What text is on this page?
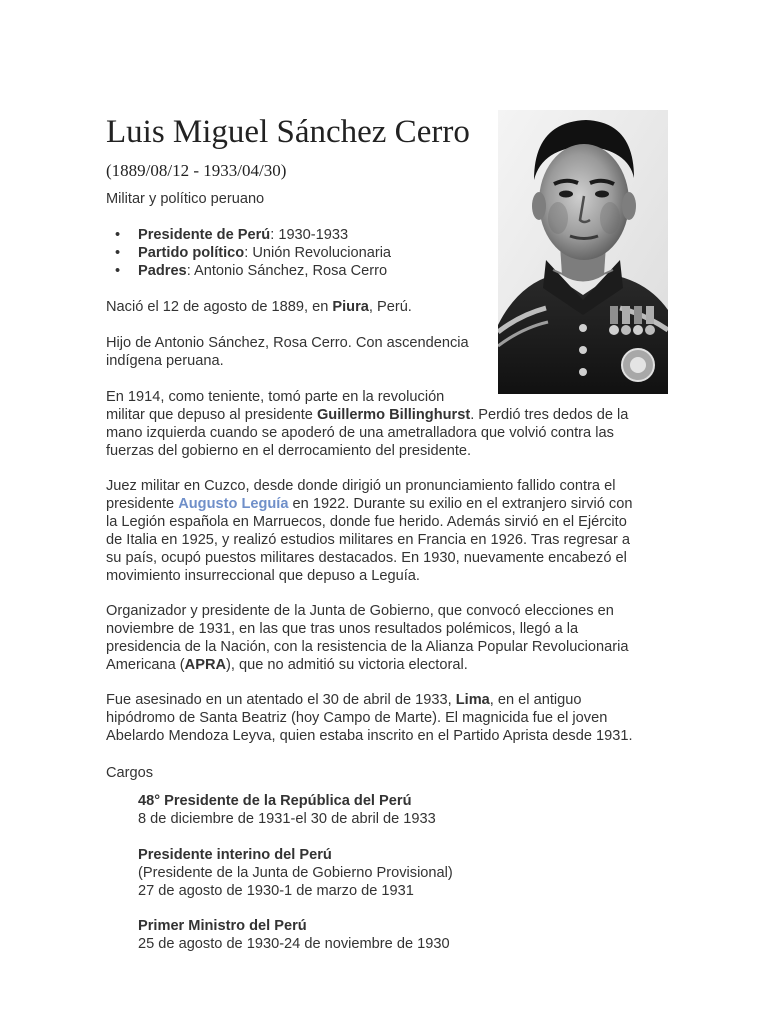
Luis Miguel Sánchez Cerro
(1889/08/12 - 1933/04/30)
Militar y político peruano
• Presidente de Perú: 1930-1933
• Partido político: Unión Revolucionaria
• Padres: Antonio Sánchez, Rosa Cerro

Nació el 12 de agosto de 1889, en Piura, Perú.

Hijo de Antonio Sánchez, Rosa Cerro. Con ascendencia
indígena peruana.

En 1914, como teniente, tomó parte en la revolución
militar que depuso al presidente Guillermo Billinghurst. Perdió tres dedos de la
mano izquierda cuando se apoderó de una ametralladora que volvió contra las
fuerzas del gobierno en el derrocamiento del presidente.

Juez militar en Cuzco, desde donde dirigió un pronunciamiento fallido contra el
presidente Augusto Leguía en 1922. Durante su exilio en el extranjero sirvió con
la Legión española en Marruecos, donde fue herido. Además sirvió en el Ejército
de Italia en 1925, y realizó estudios militares en Francia en 1926. Tras regresar a
su país, ocupó puestos militares destacados. En 1930, nuevamente encabezó el
movimiento insurreccional que depuso a Leguía.

Organizador y presidente de la Junta de Gobierno, que convocó elecciones en
noviembre de 1931, en las que tras unos resultados polémicos, llegó a la
presidencia de la Nación, con la resistencia de la Alianza Popular Revolucionaria
Americana (APRA), que no admitió su victoria electoral.

Fue asesinado en un atentado el 30 de abril de 1933, Lima, en el antiguo
hipódromo de Santa Beatriz (hoy Campo de Marte). El magnicida fue el joven
Abelardo Mendoza Leyva, quien estaba inscrito en el Partido Aprista desde 1931.

Cargos
48° Presidente de la República del Perú
8 de diciembre de 1931-el 30 de abril de 1933
Presidente interino del Perú
(Presidente de la Junta de Gobierno Provisional)
27 de agosto de 1930-1 de marzo de 1931
Primer Ministro del Perú
25 de agosto de 1930-24 de noviembre de 1930
